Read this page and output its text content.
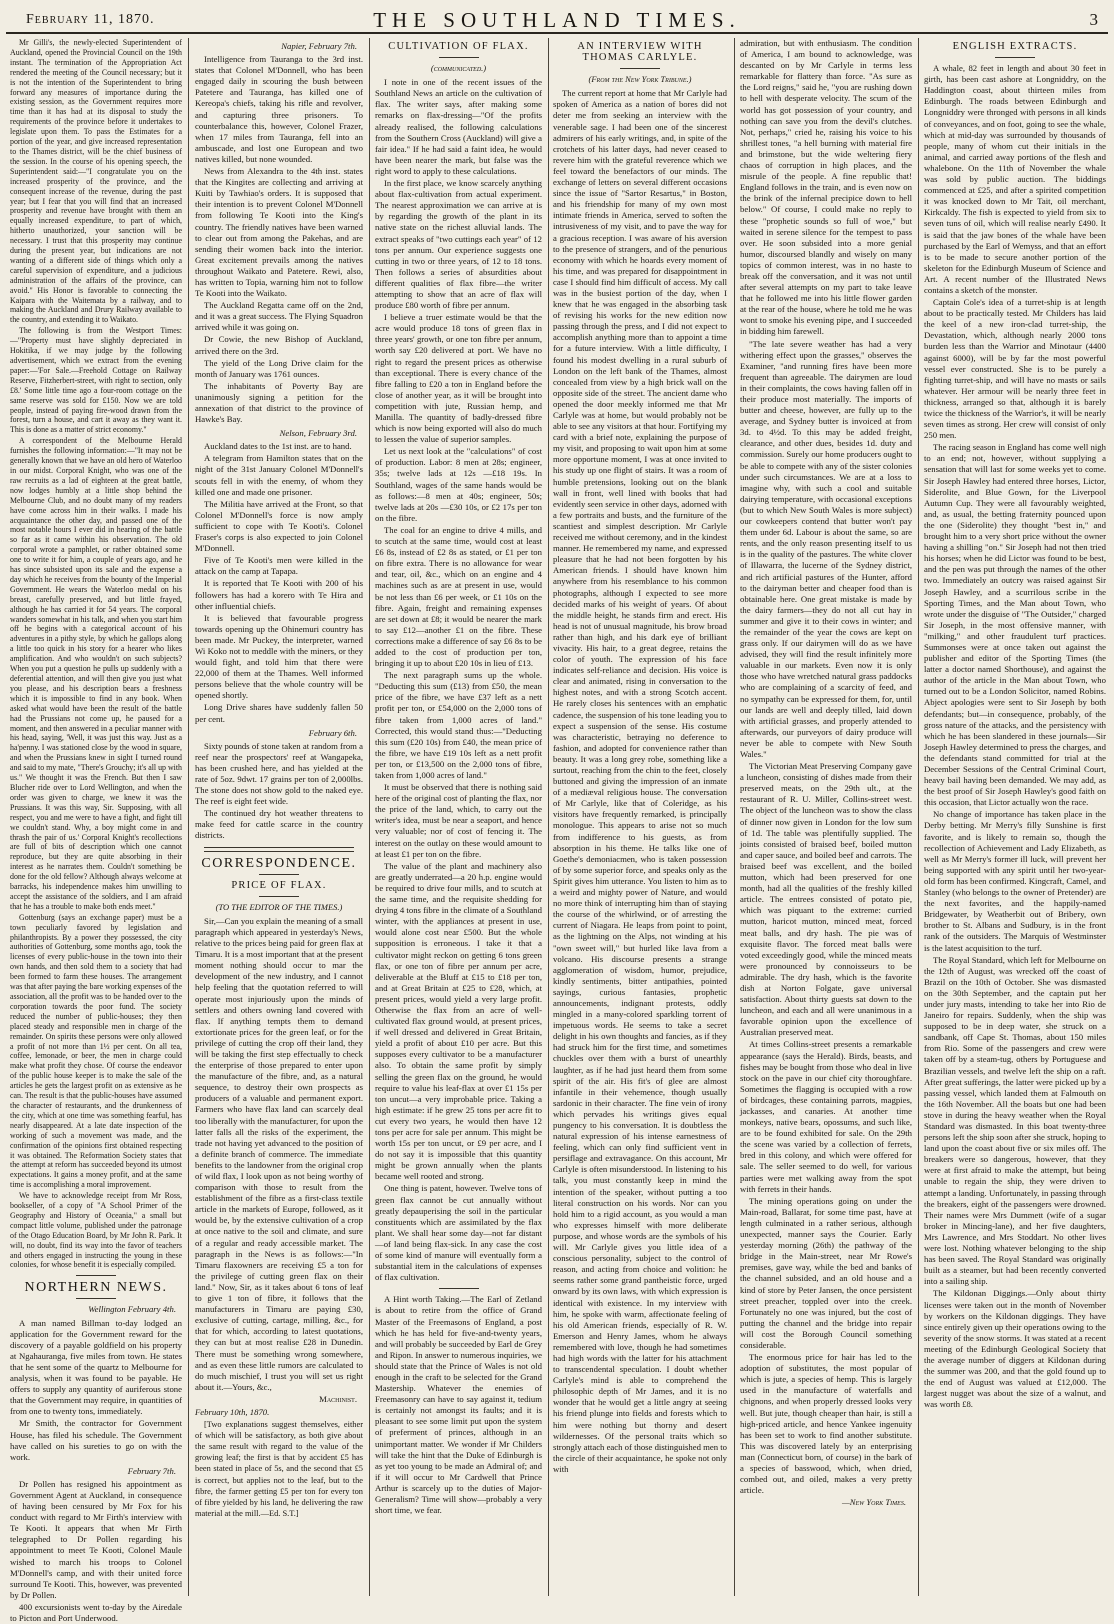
February 11, 1870.	THE SOUTHLAND TIMES.	3

Mr Gilli's, the newly-elected Superintendent of Auckland, opened the Provincial Council on the 19th instant. The termination of the Appropriation Act rendered the meeting of the Council necessary; but it is not the intention of the Superintendent to bring forward any measures of importance during the existing session, as the Government requires more time than it has had at its disposal to study the requirements of the province before it undertakes to legislate upon them. To pass the Estimates for a portion of the year, and give increased representation to the Thames district, will be the chief business of the session. In the course of his opening speech, the Superintendent said:—"I congratulate you on the increased prosperity of the province, and the consequent increase of the revenue, during the past year; but I fear that you will find that an increased prosperity and revenue have brought with them an equally increased expenditure, to part of which, hitherto unauthorized, your sanction will be necessary. I trust that this prosperity may continue during the present year, but indications are not wanting of a different side of things which only a careful supervision of expenditure, and a judicious administration of the affairs of the province, can avoid." His Honor is favorable to connecting the Kaipara with the Waitemata by a railway, and to making the Auckland and Drury Railway available to the country, and extending it to Waikato.

The following is from the Westport Times:—"Property must have slightly depreciated in Hokitika, if we may judge by the following advertisement, which we extract from the evening paper:—'For Sale.—Freehold Cottage on Railway Reserve, Fitzherbert-street, with right to section, only £8.' Some little time ago a four-room cottage on the same reserve was sold for £150. Now we are told people, instead of paying fire-wood drawn from the forest, turn a house, and cart it away as they want it. This is done as a matter of strict economy."

A correspondent of the Melbourne Herald furnishes the following information:—"It may not be generally known that we have an old hero of Waterloo in our midst. Corporal Knight, who was one of the raw recruits as a lad of eighteen at the great battle, now lodges humbly at a little shop behind the Melbourne Club, and no doubt many of my readers have come across him in their walks. I made his acquaintance the other day, and passed one of the most notable hours I ever did in hearing of the battle so far as it came within his observation. The old corporal wrote a pamphlet, or rather obtained some one to write it for him, a couple of years ago, and he has since subsisted upon its sale and the expense a day which he receives from the bounty of the Imperial Government. He wears the Waterloo medal on his breast, carefully preserved, and but little frayed, although he has carried it for 54 years. The corporal wanders somewhat in his talk, and when you start him off he begins with a categorical account of his adventures in a pithy style, by which he gallops along a little too quick in his story for a hearer who likes amplification. And who wouldn't on such subjects? When you put a question he pulls up suddenly with a deferential attention, and will then give you just what you please, and his description bears a freshness which it is impossible to find in any book. When asked what would have been the result of the battle had the Prussians not come up, he paused for a moment, and then answered in a peculiar manner with his head, saying, 'Well, it was just this way. Just as a ha'penny. I was stationed close by the wood in square, and when the Prussians knew in sight I turned round and said to my mate, "There's Grouchy; it's all up with us." We thought it was the French. But then I saw Blucher ride over to Lord Wellington, and when the order was given to charge, we knew it was the Prussians. It was this way, Sir. Supposing, with all respect, you and me were to have a fight, and fight till we couldn't stand. Why, a boy might come in and thrash the pair of us.' Corporal Knight's recollections are full of bits of description which one cannot reproduce, but they are quite absorbing in their interest as he narrates them. Couldn't something be done for the old fellow? Although always welcome at barracks, his independence makes him unwilling to accept the assistance of the soldiers, and I am afraid that he has a trouble to make both ends meet."

Gottenburg (says an exchange paper) must be a town peculiarly favored by legislation and philanthropists. By a power they possessed, the city authorities of Gottenburg, some months ago, took the licenses of every public-house in the town into their own hands, and then sold them to a society that had been formed to farm these houses. The arrangement was that after paying the bare working expenses of the association, all the profit was to be handed over to the corporation towards the poor fund. The society reduced the number of public-houses; they then placed steady and responsible men in charge of the remainder. On spirits these persons were only allowed a profit of not more than 1½ per cent. On all tea, coffee, lemonade, or beer, the men in charge could make what profit they chose. Of course the endeavor of the public house keeper is to make the sale of the articles he gets the largest profit on as extensive as he can. The result is that the public-houses have assumed the character of restaurants, and the drunkenness of the city, which at one time was something fearful, has nearly disappeared. At a late date inspection of the working of such a movement was made, and the confirmation of the opinions first obtained respecting it was obtained. The Reformation Society states that the attempt at reform has succeeded beyond its utmost expectations. It gains a money profit, and at the same time is accomplishing a moral improvement.

We have to acknowledge receipt from Mr Ross, bookseller, of a copy of "A School Primer of the Geography and History of Oceania," a small but compact little volume, published under the patronage of the Otago Education Board, by Mr John R. Park. It will, no doubt, find its way into the favor of teachers and others engaged in instructing the young in these colonies, for whose benefit it is especially compiled.

NORTHERN NEWS.

Wellington February 4th.

A man named Billman to-day lodged an application for the Government reward for the discovery of a payable goldfield on his property at Ngahauranga, five miles from town. He states that he sent some of the quartz to Melbourne for analysis, when it was found to be payable. He offers to supply any quantity of auriferous stone that the Government may require, in quantities of from one to twenty tons, immediately.

Mr Smith, the contractor for Government House, has filed his schedule. The Government have called on his sureties to go on with the work.

February 7th.

Dr Pollen has resigned his appointment as Government Agent at Auckland, in consequence of having been censured by Mr Fox for his conduct with regard to Mr Firth's interview with Te Kooti. It appears that when Mr Firth telegraphed to Dr Pollen regarding his appointment to meet Te Kooti, Colonel Maule wished to march his troops to Colonel M'Donnell's camp, and with their united force surround Te Kooti. This, however, was prevented by Dr Pollen.

400 excursionists went to-day by the Airedale to Picton and Port Underwood.

Napier, February 7th.

Intelligence from Tauranga to the 3rd inst. states that Colonel M'Donnell, who has been engaged daily in scouring the bush between Patetere and Tauranga, has killed one of Kereopa's chiefs, taking his rifle and revolver, and capturing three prisoners. To counterbalance this, however, Colonel Frazer, when 17 miles from Tauranga, fell into an ambuscade, and lost one European and two natives killed, but none wounded.

News from Alexandra to the 4th inst. states that the Kingites are collecting and arriving at Kuiti by Tawhiao's orders. It is supposed that their intention is to prevent Colonel M'Donnell from following Te Kooti into the King's country. The friendly natives have been warned to clear out from among the Pakehas, and are sending their women back into the interior. Great excitement prevails among the natives throughout Waikato and Patetere. Rewi, also, has written to Topia, warning him not to follow Te Kooti into the Waikato.

The Auckland Regatta came off on the 2nd, and it was a great success. The Flying Squadron arrived while it was going on.

Dr Cowie, the new Bishop of Auckland, arrived there on the 3rd.

The yield of the Long Drive claim for the month of January was 1761 ounces.

The inhabitants of Poverty Bay are unanimously signing a petition for the annexation of that district to the province of Hawke's Bay.

Nelson, February 3rd.

Auckland dates to the 1st inst. are to hand.

A telegram from Hamilton states that on the night of the 31st January Colonel M'Donnell's scouts fell in with the enemy, of whom they killed one and made one prisoner.

The Militia have arrived at the Front, so that Colonel M'Donnell's force is now amply sufficient to cope with Te Kooti's. Colonel Fraser's corps is also expected to join Colonel M'Donnell.

Five of Te Kooti's men were killed in the attack on the camp at Tapapa.

It is reported that Te Kooti with 200 of his followers has had a korero with Te Hira and other influential chiefs.

It is believed that favourable progress towards opening up the Ohinemuri country has been made. Mr Puckey, the interpreter, warned Wi Koko not to meddle with the miners, or they would fight, and told him that there were 22,000 of them at the Thames. Well informed persons believe that the whole country will be opened shortly.

Long Drive shares have suddenly fallen 50 per cent.

February 6th.

Sixty pounds of stone taken at random from a reef near the prospectors' reef at Wangapeka, has been crushed here, and has yielded at the rate of 5oz. 9dwt. 17 grains per ton of 2,000lbs. The stone does not show gold to the naked eye. The reef is eight feet wide.

The continued dry hot weather threatens to make feed for cattle scarce in the country districts.

CORRESPONDENCE.
PRICE OF FLAX.

(TO THE EDITOR OF THE TIMES.)

Sir,—Can you explain the meaning of a small paragraph which appeared in yesterday's News, relative to the prices being paid for green flax at Timaru. It is a most important that at the present moment nothing should occur to mar the development of the new industry, and I cannot help feeling that the quotation referred to will operate most injuriously upon the minds of settlers and others owning land covered with flax. If anything tempts them to demand extortionate prices for the green leaf, or for the privilege of cutting the crop off their land, they will be taking the first step effectually to check the enterprise of those prepared to enter upon the manufacture of the fibre, and, as a natural sequence, to destroy their own prospects as producers of a valuable and permanent export. Farmers who have flax land can scarcely deal too liberally with the manufacturer, for upon the latter falls all the risks of the experiment, the trade not having yet advanced to the position of a definite branch of commerce. The immediate benefits to the landowner from the original crop of wild flax, I look upon as not being worthy of comparison with those to result from the establishment of the fibre as a first-class textile article in the markets of Europe, followed, as it would be, by the extensive cultivation of a crop at once native to the soil and climate, and sure of a regular and ready accessible market. The paragraph in the News is as follows:—"In Timaru flaxowners are receiving £5 a ton for the privilege of cutting green flax on their land." Now, Sir, as it takes about 6 tons of leaf to give 1 ton of fibre, it follows that the manufacturers in Timaru are paying £30, exclusive of cutting, cartage, milling, &c., for that for which, according to latest quotations, they can but at most realise £28 in Dunedin. There must be something wrong somewhere, and as even these little rumors are calculated to do much mischief, I trust you will set us right about it.—Yours, &c.,

Machinist.

February 10th, 1870.

[Two explanations suggest themselves, either of which will be satisfactory, as both give about the same result with regard to the value of the growing leaf; the first is that by accident £5 has been stated in place of 5s, and the second that £5 is correct, but applies not to the leaf, but to the fibre, the farmer getting £5 per ton for every ton of fibre yielded by his land, he delivering the raw material at the mill.—Ed. S.T.]

CULTIVATION OF FLAX.

(communicated.)

I note in one of the recent issues of the Southland News an article on the cultivation of flax. The writer says, after making some remarks on flax-dressing—"Of the profits already realised, the following calculations from the Southern Cross (Auckland) will give a fair idea." If he had said a faint idea, he would have been nearer the mark, but false was the right word to apply to these calculations.

In the first place, we know scarcely anything about flax-cultivation from actual experiment. The nearest approximation we can arrive at is by regarding the growth of the plant in its native state on the richest alluvial lands. The extract speaks of "two cuttings each year" of 12 tons per annum. Our experience suggests one cutting in two or three years, of 12 to 18 tons. Then follows a series of absurdities about different qualities of flax fibre—the writer attempting to show that an acre of flax will produce £80 worth of fibre per annum.

I believe a truer estimate would be that the acre would produce 18 tons of green flax in three years' growth, or one ton fibre per annum, worth say £20 delivered at port. We have no right to regard the present prices as otherwise than exceptional. There is every chance of the fibre falling to £20 a ton in England before the close of another year, as it will be brought into competition with jute, Russian hemp, and Manilla. The quantity of badly-dressed fibre which is now being exported will also do much to lessen the value of superior samples.

Let us next look at the "calculations" of cost of production. Labor: 8 men at 28s; engineer, 35s; twelve lads at 12s —£18 19s. In Southland, wages of the same hands would be as follows:—8 men at 40s; engineer, 50s; twelve lads at 20s —£30 10s, or £2 17s per ton on the fibre.

The coal for an engine to drive 4 mills, and to scutch at the same time, would cost at least £6 8s, instead of £2 8s as stated, or £1 per ton on fibre extra. There is no allowance for wear and tear, oil, &c., which on an engine and 4 machines such as are at present in use, would be not less than £6 per week, or £1 10s on the fibre. Again, freight and remaining expenses are set down at £8; it would be nearer the mark to say £12—another £1 on the fibre. These corrections make a difference of say £6 8s to be added to the cost of production per ton, bringing it up to about £20 10s in lieu of £13.

The next paragraph sums up the whole. "Deducting this sum (£13) from £50, the mean price of the fibre, we have £37 left as a nett profit per ton, or £54,000 on the 2,000 tons of fibre taken from 1,000 acres of land." Corrected, this would stand thus:—"Deducting this sum (£20 10s) from £40, the mean price of the fibre, we have £19 10s left as a nett profit per ton, or £13,500 on the 2,000 tons of fibre, taken from 1,000 acres of land."

It must be observed that there is nothing said here of the original cost of planting the flax, nor the price of the land, which, to carry out the writer's idea, must be near a seaport, and hence very valuable; nor of cost of fencing it. The interest on the outlay on these would amount to at least £1 per ton on the fibre.

The value of the plant and machinery also are greatly underrated—a 20 h.p. engine would be required to drive four mills, and to scutch at the same time, and the requisite shedding for drying 4 tons fibre in the climate of a Southland winter, with the appliances at present in use, would alone cost near £500. But the whole supposition is erroneous. I take it that a cultivator might reckon on getting 6 tons green flax, or one ton of fibre per annum per acre, deliverable at the Bluff at £15 to £18 per ton, and at Great Britain at £25 to £28, which, at present prices, would yield a very large profit. Otherwise the flax from an acre of well-cultivated flax ground would, at present prices, if well dressed and delivered in Great Britain, yield a profit of about £10 per acre. But this supposes every cultivator to be a manufacturer also. To obtain the same profit by simply selling the green flax on the ground, he would require to value his leaf-flax at over £1 15s per ton uncut—a very improbable price. Taking a high estimate: if he grew 25 tons per acre fit to cut every two years, he would then have 12 tons per acre for sale per annum. This might be worth 15s per ton uncut, or £9 per acre, and I do not say it is impossible that this quantity might be grown annually when the plants became well rooted and strong.

One thing is patent, however. Twelve tons of green flax cannot be cut annually without greatly depauperising the soil in the particular constituents which are assimilated by the flax plant. We shall hear some day—not far distant—of land being flax-sick. In any case the cost of some kind of manure will eventually form a substantial item in the calculations of expenses of flax cultivation.

A Hint worth Taking.—The Earl of Zetland is about to retire from the office of Grand Master of the Freemasons of England, a post which he has held for five-and-twenty years, and will probably be succeeded by Earl de Grey and Ripon. In answer to numerous inquiries, we should state that the Prince of Wales is not old enough in the craft to be selected for the Grand Mastership. Whatever the enemies of Freemasonry can have to say against it, tedium is certainly not amongst its faults; and it is pleasant to see some limit put upon the system of preferment of princes, although in an unimportant matter. We wonder if Mr Childers will take the hint that the Duke of Edinburgh is as yet too young to be made an Admiral of; and if it will occur to Mr Cardwell that Prince Arthur is scarcely up to the duties of Major-Generalism? Time will show—probably a very short time, we fear.

AN INTERVIEW WITH THOMAS CARLYLE.

(From the New York Tribune.)

The current report at home that Mr Carlyle had spoken of America as a nation of bores did not deter me from seeking an interview with the venerable sage. I had been one of the sincerest admirers of his early writings, and, in spite of the crotchets of his latter days, had never ceased to revere him with the grateful reverence which we feel toward the benefactors of our minds. The exchange of letters on several different occasions since the issue of "Sartor Resartus," in Boston, and his friendship for many of my own most intimate friends in America, served to soften the intrusiveness of my visit, and to pave the way for a gracious reception. I was aware of his aversion to the presence of strangers, and of the penurious economy with which he hoards every moment of his time, and was prepared for disappointment in case I should find him difficult of access. My call was in the busiest portion of the day, when I knew that he was engaged in the absorbing task of revising his works for the new edition now passing through the press, and I did not expect to accomplish anything more than to appoint a time for a future interview. With a little difficulty, I found his modest dwelling in a rural suburb of London on the left bank of the Thames, almost concealed from view by a high brick wall on the opposite side of the street. The ancient dame who opened the door meekly informed me that Mr Carlyle was at home, but would probably not be able to see any visitors at that hour. Fortifying my card with a brief note, explaining the purpose of my visit, and proposing to wait upon him at some more opportune moment, I was at once invited to his study up one flight of stairs. It was a room of humble pretensions, looking out on the blank wall in front, well lined with books that had evidently seen service in other days, adorned with a few portraits and busts, and the furniture of the scantiest and simplest description. Mr Carlyle received me without ceremony, and in the kindest manner. He remembered my name, and expressed pleasure that he had not been forgotten by his American friends. I should have known him anywhere from his resemblance to his common photographs, although I expected to see more decided marks of his weight of years. Of about the middle height, he stands firm and erect. His head is not of unusual magnitude, his brow broad rather than high, and his dark eye of brilliant vivacity. His hair, to a great degree, retains the color of youth. The expression of his face indicates self-reliance and decision. His voice is clear and animated, rising in conversation to the highest notes, and with a strong Scotch accent. He rarely closes his sentences with an emphatic cadence, the suspension of his tone leading you to expect a suspension of the sense. His costume was characteristic, betraying no deference to fashion, and adopted for convenience rather than beauty. It was a long grey robe, something like a surtout, reaching from the chin to the feet, closely buttoned and giving the impression of an inmate of a mediæval religious house. The conversation of Mr Carlyle, like that of Coleridge, as his visitors have frequently remarked, is principally monologue. This appears to arise not so much from indifference to his guests, as from absorption in his theme. He talks like one of Goethe's demoniacmen, who is taken possession of by some superior force, and speaks only as the Spirit gives him utterance. You listen to him as to a weird and mighty power of Nature, and would no more think of interrupting him than of staying the course of the whirlwind, or of arresting the current of Niagara. He leaps from point to point, as the lightning on the Alps, not winding at his "own sweet will," but hurled like lava from a volcano. His discourse presents a strange agglomeration of wisdom, humor, prejudice, kindly sentiments, bitter antipathies, pointed sayings, curious fantasies, prophetic announcements, indignant protests, oddly mingled in a many-colored sparkling torrent of impetuous words. He seems to take a secret delight in his own thoughts and fancies, as if they had struck him for the first time, and sometimes chuckles over them with a burst of unearthly laughter, as if he had just heard them from some spirit of the air. His fit's of glee are almost infantile in their vehemence, though usually sardonic in their character. The fine vein of irony which pervades his writings gives equal pungency to his conversation. It is doubtless the natural expression of his intense earnestness of feeling, which can only find sufficient vent in persiflage and extravagance. On this account, Mr Carlyle is often misunderstood. In listening to his talk, you must constantly keep in mind the intention of the speaker, without putting a too literal construction on his words. Nor can you hold him to a rigid account, as you would a man who expresses himself with more deliberate purpose, and whose words are the symbols of his will. Mr Carlyle gives you little idea of a conscious personality, subject to the control of reason, and acting from choice and volition: he seems rather some grand pantheistic force, urged onward by its own laws, with which expression is identical with existence. In my interview with him, he spoke with warm, affectionate feeling of his old American friends, especially of R. W. Emerson and Henry James, whom he always remembered with love, though he had sometimes had high words with the latter for his attachment to transcendental speculation. I doubt whether Carlyle's mind is able to comprehend the philosophic depth of Mr James, and it is no wonder that he would get a little angry at seeing his friend plunge into fields and forests which to him were nothing but thorny and desert wildernesses. Of the personal traits which so strongly attach each of those distinguished men to the circle of their acquaintance, he spoke not only with

admiration, but with enthusiasm. The condition of America, I am bound to acknowledge, was descanted on by Mr Carlyle in terms less remarkable for flattery than force. "As sure as the Lord reigns," said he, "you are rushing down to hell with desperate velocity. The scum of the world has got possession of your country, and nothing can save you from the devil's clutches. Not, perhaps," cried he, raising his voice to his shrillest tones, "a hell burning with material fire and brimstone, but the wide weltering fiery chaos of corruption in high places, and the misrule of the people. A fine republic that! England follows in the train, and is even now on the brink of the infernal precipice down to hell below." Of course, I could make no reply to these "prophetic sounds so full of woe," but waited in serene silence for the tempest to pass over. He soon subsided into a more genial humor, discoursed blandly and wisely on many topics of common interest, was in no haste to break off the conversation, and it was not until after several attempts on my part to take leave that he followed me into his little flower garden at the rear of the house, where he told me he was wont to smoke his evening pipe, and I succeeded in bidding him farewell.

"The late severe weather has had a very withering effect upon the grasses," observes the Examiner, "and running fires have been more frequent than agreeable. The dairymen are loud in their complaints, the cows having fallen off in their produce most materially. The imports of butter and cheese, however, are fully up to the average, and Sydney butter is invoiced at from 3d. to 4½d. To this may be added freight, clearance, and other dues, besides 1d. duty and commission. Surely our home producers ought to be able to compete with any of the sister colonies under such circumstances. We are at a loss to imagine why, with such a cool and suitable dairying temperature, with occasional exceptions (but to which New South Wales is more subject) our cowkeepers contend that butter won't pay them under 6d. Labour is about the same, so are rents, and the only reason presenting itself to us is in the quality of the pastures. The white clover of Illawarra, the lucerne of the Sydney district, and rich artificial pastures of the Hunter, afford to the dairyman better and cheaper food than is obtainable here. One great mistake is made by the dairy farmers—they do not all cut hay in summer and give it to their cows in winter; and the remainder of the year the cows are kept on grass only. If our dairymen will do as we have advised, they will find the result infinitely more valuable in our markets. Even now it is only those who have wretched natural grass paddocks who are complaining of a scarcity of feed, and no sympathy can be expressed for them, for, until our lands are well and deeply tilled, laid down with artificial grasses, and properly attended to afterwards, our purveyors of dairy produce will never be able to compete with New South Wales."

The Victorian Meat Preserving Company gave a luncheon, consisting of dishes made from their preserved meats, on the 29th ult., at the restaurant of R. U. Miller, Collins-street west. The object of the luncheon was to show the class of dinner now given in London for the low sum of 1d. The table was plentifully supplied. The joints consisted of braised beef, boiled mutton and caper sauce, and boiled beef and carrots. The braised beef was excellent, and the boiled mutton, which had been preserved for one month, had all the qualities of the freshly killed article. The entrees consisted of potato pie, which was piquant to the extreme: curried mutton, haricot mutton, minced meat, forced meat balls, and dry hash. The pie was of exquisite flavor. The forced meat balls were voted exceedingly good, while the minced meats were pronounced by connoisseurs to be admirable. The dry hash, which is the favorite dish at Norton Folgate, gave universal satisfaction. About thirty guests sat down to the luncheon, and each and all were unanimous in a favorable opinion upon the excellence of Australian preserved meat.

At times Collins-street presents a remarkable appearance (says the Herald). Birds, beasts, and fishes may be bought from those who deal in live stock on the pave in our chief city thoroughfare. Sometimes the flagging is occupied with a row of birdcages, these containing parrots, magpies, jackasses, and canaries. At another time monkeys, native bears, opossums, and such like, are to be found exhibited for sale. On the 29th the scene was varied by a collection of ferrets, bred in this colony, and which were offered for sale. The seller seemed to do well, for various parties were met walking away from the spot with ferrets in their hands.

The mining operations going on under the Main-road, Ballarat, for some time past, have at length culminated in a rather serious, although unexpected, manner says the Courier. Early yesterday morning (26th) the pathway of the bridge in the Main-street, near Mr Rowe's premises, gave way, while the bed and banks of the channel subsided, and an old house and a kind of store by Peter Jansen, the once persistent street preacher, toppled over into the creek. Fortunately no one was injured, but the cost of putting the channel and the bridge into repair will cost the Borough Council something considerable.

The enormous price for hair has led to the adoption of substitutes, the most popular of which is jute, a species of hemp. This is largely used in the manufacture of waterfalls and chignons, and when properly dressed looks very well. But jute, though cheaper than hair, is still a high-priced article, and hence Yankee ingenuity has been set to work to find another substitute. This was discovered lately by an enterprising man (Connecticut born, of course) in the bark of a species of basswood, which, when dried, combed out, and oiled, makes a very pretty article.

—New York Times.

ENGLISH EXTRACTS.

A whale, 82 feet in length and about 30 feet in girth, has been cast ashore at Longniddry, on the Haddington coast, about thirteen miles from Edinburgh. The roads between Edinburgh and Longniddry were thronged with persons in all kinds of conveyances, and on foot, going to see the whale, which at mid-day was surrounded by thousands of people, many of whom cut their initials in the animal, and carried away portions of the flesh and whalebone. On the 11th of November the whale was sold by public auction. The biddings commenced at £25, and after a spirited competition it was knocked down to Mr Tait, oil merchant, Kirkcaldy. The fish is expected to yield from six to seven tuns of oil, which will realise nearly £490. It is said that the jaw bones of the whale have been purchased by the Earl of Wemyss, and that an effort is to be made to secure another portion of the skeleton for the Edinburgh Museum of Science and Art. A recent number of the Illustrated News contains a sketch of the monster.

Captain Cole's idea of a turret-ship is at length about to be practically tested. Mr Childers has laid the keel of a new iron-clad turret-ship, the Devastation, which, although nearly 2000 tons burden less than the Warrior and Minotaur (4400 against 6000), will be by far the most powerful vessel ever constructed. She is to be purely a fighting turret-ship, and will have no masts or sails whatever. Her armour will be nearly three feet in thickness, arranged so that, although it is barely twice the thickness of the Warrior's, it will be nearly seven times as strong. Her crew will consist of only 250 men.

The racing season in England has come well nigh to an end; not, however, without supplying a sensation that will last for some weeks yet to come. Sir Joseph Hawley had entered three horses, Lictor, Siderolite, and Blue Gown, for the Liverpool Autumn Cup. They were all favourably weighted, and, as usual, the betting fraternity pounced upon the one (Siderolite) they thought "best in," and brought him to a very short price without the owner having a shilling "on." Sir Joseph had not then tried his horses; when he did Lictor was found to be best, and the pen was put through the names of the other two. Immediately an outcry was raised against Sir Joseph Hawley, and a scurrilous scribe in the Sporting Times, and the Man about Town, who wrote under the disguise of "The Outsider," charged Sir Joseph, in the most offensive manner, with "milking," and other fraudulent turf practices. Summonses were at once taken out against the publisher and editor of the Sporting Times (the latter a doctor named Shorthouse), and against the author of the article in the Man about Town, who turned out to be a London Solicitor, named Robins. Abject apologies were sent to Sir Joseph by both defendants; but—in consequence, probably, of the gross nature of the attacks, and the persistency with which he has been slandered in these journals—Sir Joseph Hawley determined to press the charges, and the defendants stand committed for trial at the December Sessions of the Central Criminal Court, heavy bail having been demanded. We may add, as the best proof of Sir Joseph Hawley's good faith on this occasion, that Lictor actually won the race.

No change of importance has taken place in the Derby betting. Mr Merry's filly Sunshine is first favorite, and is likely to remain so, though the recollection of Achievement and Lady Elizabeth, as well as Mr Merry's former ill luck, will prevent her being supported with any spirit until her two-year-old form has been confirmed. Kingcraft, Camel, and Stanley (who belongs to the owner of Pretender) are the next favorites, and the happily-named Bridgewater, by Weatherbit out of Bribery, own brother to St. Albans and Sudbury, is in the front rank of the outsiders. The Marquis of Westminster is the latest acquisition to the turf.

The Royal Standard, which left for Melbourne on the 12th of August, was wrecked off the coast of Brazil on the 10th of October. She was dismasted on the 30th September, and the captain put her under jury masts, intending to take her into Rio de Janeiro for repairs. Suddenly, when the ship was supposed to be in deep water, she struck on a sandbank, off Cape St. Thomas, about 150 miles from Rio. Some of the passengers and crew were taken off by a steam-tug, others by Portuguese and Brazilian vessels, and twelve left the ship on a raft. After great sufferings, the latter were picked up by a passing vessel, which landed them at Falmouth on the 16th November. All the boats but one had been stove in during the heavy weather when the Royal Standard was dismasted. In this boat twenty-three persons left the ship soon after she struck, hoping to land upon the coast about five or six miles off. The breakers were so dangerous, however, that they were at first afraid to make the attempt, but being unable to regain the ship, they were driven to attempt a landing. Unfortunately, in passing through the breakers, eight of the passengers were drowned. Their names were Mrs Dummett (wife of a sugar broker in Mincing-lane), and her five daughters, Mrs Lawrence, and Mrs Stoddart. No other lives were lost. Nothing whatever belonging to the ship has been saved. The Royal Standard was originally built as a steamer, but had been recently converted into a sailing ship.

The Kildonan Diggings.—Only about thirty licenses were taken out in the month of November by workers on the Kildonan diggings. They have since entirely given up their operations owing to the severity of the snow storms. It was stated at a recent meeting of the Edinburgh Geological Society that the average number of diggers at Kildonan during the summer was 200, and that the gold found up to the end of August was valued at £12,000. The largest nugget was about the size of a walnut, and was worth £8.
